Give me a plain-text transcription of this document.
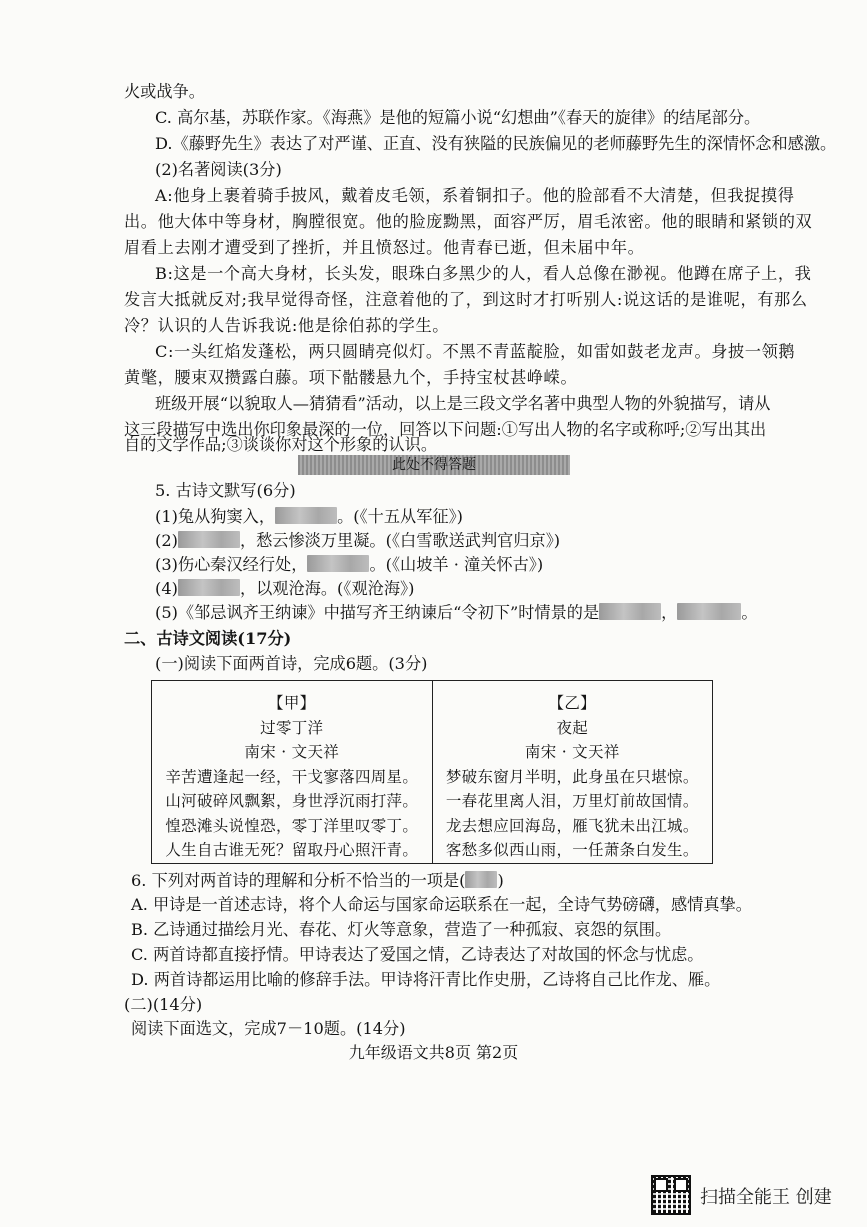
火或战争。
C. 高尔基，苏联作家。《海燕》是他的短篇小说“幻想曲”《春天的旋律》的结尾部分。
D.《藤野先生》表达了对严谨、正直、没有狭隘的民族偏见的老师藤野先生的深情怀念和感激。
(2)名著阅读(3分)
A:他身上裹着骑手披风，戴着皮毛领，系着铜扣子。他的脸部看不大清楚，但我捉摸得
出。他大体中等身材，胸膛很宽。他的脸庞黝黑，面容严厉，眉毛浓密。他的眼睛和紧锁的双
眉看上去刚才遭受到了挫折，并且愤怒过。他青春已逝，但未届中年。
B:这是一个高大身材，长头发，眼珠白多黑少的人，看人总像在渺视。他蹲在席子上，我
发言大抵就反对;我早觉得奇怪，注意着他的了，到这时才打听别人:说这话的是谁呢，有那么
冷？认识的人告诉我说:他是徐伯荪的学生。
C:一头红焰发蓬松，两只圆睛亮似灯。不黑不青蓝靛脸，如雷如鼓老龙声。身披一领鹅
黄氅，腰束双攒露白藤。项下骷髅悬九个，手持宝杖甚峥嵘。
班级开展“以貌取人—猜猜看”活动，以上是三段文学名著中典型人物的外貌描写，请从
这三段描写中选出你印象最深的一位，回答以下问题:①写出人物的名字或称呼;②写出其出
自的文学作品;③谈谈你对这个形象的认识。
此处不得答题
5. 古诗文默写(6分)
(1)兔从狗窦入，	。(《十五从军征》)
(2)	，愁云惨淡万里凝。(《白雪歌送武判官归京》)
(3)伤心秦汉经行处，	。(《山坡羊 · 潼关怀古》)
(4)	，以观沧海。(《观沧海》)
(5)《邹忌讽齐王纳谏》中描写齐王纳谏后“令初下”时情景的是	，	。
二、古诗文阅读(17分)
(一)阅读下面两首诗，完成6题。(3分)
【甲】
过零丁洋
南宋 · 文天祥
辛苦遭逢起一经，干戈寥落四周星。
山河破碎风飘絮，身世浮沉雨打萍。
惶恐滩头说惶恐，零丁洋里叹零丁。
人生自古谁无死？留取丹心照汗青。
【乙】
夜起
南宋 · 文天祥
梦破东窗月半明，此身虽在只堪惊。
一春花里离人泪，万里灯前故国情。
龙去想应回海岛，雁飞犹未出江城。
客愁多似西山雨，一任萧条白发生。
6. 下列对两首诗的理解和分析不恰当的一项是( )
A. 甲诗是一首述志诗，将个人命运与国家命运联系在一起，全诗气势磅礴，感情真挚。
B. 乙诗通过描绘月光、春花、灯火等意象，营造了一种孤寂、哀怨的氛围。
C. 两首诗都直接抒情。甲诗表达了爱国之情，乙诗表达了对故国的怀念与忧虑。
D. 两首诗都运用比喻的修辞手法。甲诗将汗青比作史册，乙诗将自己比作龙、雁。
(二)(14分)
阅读下面选文，完成7－10题。(14分)
九年级语文共8页 第2页
扫描全能王 创建
